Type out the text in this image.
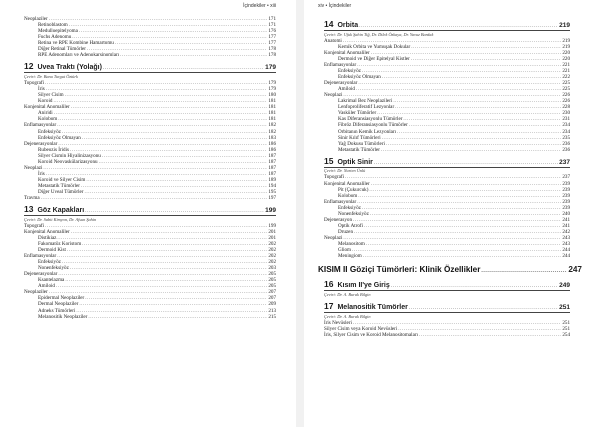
İçindekiler • xiii
Neoplaziler .....	171
Retinoblastom .....	171
Medulloepitelyoma .....	176
Fuchs Adenomu .....	177
Retina ve RPE Kombine Hamartomu .....	177
Diğer Retinal Tümörler .....	178
RPE Adenomları ve Adenokarsinomları .....	178
12 Uvea Traktı (Yolağı) .....	179
Çeviri: Dr. Banu Turgut Öztürk
Topografi .....	179
İris .....	179
Silyer Cisim .....	180
Koroid .....	181
Konjenital Anomaliler .....	181
Aniridi .....	181
Kolobom .....	181
Enflamasyonlar .....	182
Enfeksiyöz .....	182
Enfeksiyöz Olmayan .....	183
Dejenerasyonlar .....	186
Rubeozis İridis .....	186
Silyer Cismin Hiyalinizasyonu .....	187
Koroid Neovaskülarizasyonu .....	187
Neoplazi .....	187
İris .....	187
Koroid ve Silyer Cisim .....	189
Metastatik Tümörler .....	194
Diğer Uveal Tümörler .....	195
Travma .....	197
13 Göz Kapakları .....	199
Çeviri: Dr. Sabit Kimyon, Dr. Afsun Şahin
Topografi .....	199
Konjenital Anomaliler .....	201
Distikiaz .....	201
Fakomatöz Koristom .....	202
Dermoid Kist .....	202
Enflamasyonlar .....	202
Enfeksiyöz .....	202
Nonenfeksiyöz .....	203
Dejenerasyonlar .....	205
Ksantelazma .....	205
Amiloid .....	205
Neoplaziler .....	207
Epidermal Neoplaziler .....	207
Dermal Neoplaziler .....	209
Adneks Tümörleri .....	213
Melanositik Neoplaziler .....	215
xiv • İçindekiler
14 Orbita .....	219
Çeviri: Dr. Ufuk Şahin Tiğ, Dr. Dilek Özkaya, Dr. Yavuz Bardak
Anatomi .....	219
Kemik Orbita ve Yumuşak Dokular .....	219
Konjenital Anomaliler .....	220
Dermoid ve Diğer Epitelyal Kistler .....	220
Enflamasyonlar .....	221
Enfeksiyöz .....	221
Enfeksiyöz Olmayan .....	222
Dejenerasyonlar .....	225
Amiloid .....	225
Neoplazi .....	226
Lakrimal Bez Neoplazileri .....	226
Lenfoproliferatif Lezyonlar .....	228
Vasküler Tümörler .....	230
Kas Diferansiasyonlu Tümörler .....	231
Fibröz Diferansiasyonlu Tümörler .....	234
Orbitanın Kemik Lezyonları .....	234
Sinir Kılıf Tümörleri .....	235
Yağ Dokusu Tümörleri .....	236
Metastatik Tümörler .....	236
15 Optik Sinir .....	237
Çeviri: Dr. Nurten Ünlü
Topografi .....	237
Konjenital Anomaliler .....	239
Pit (Çukurcuk) .....	239
Kolobom .....	239
Enflamasyonlar .....	239
Enfeksiyöz .....	239
Nonenfeksiyöz .....	240
Dejenerasyon .....	241
Optik Atrofi .....	241
Druzen .....	242
Neoplazi .....	243
Melanositom .....	243
Gliom .....	244
Meningiom .....	244
KISIM II Göziçi Tümörleri: Klinik Özellikler .....	247
16 Kısım II'ye Giriş .....	249
Çeviri: Dr. A. Burak Bilgin
17 Melanositik Tümörler .....	251
Çeviri: Dr. A. Burak Bilgin
İris Nevüsleri .....	251
Silyer Cisim veya Koroid Nevüsleri .....	251
İris, Silyer Cisim ve Koroid Melanositomaları .....	254
